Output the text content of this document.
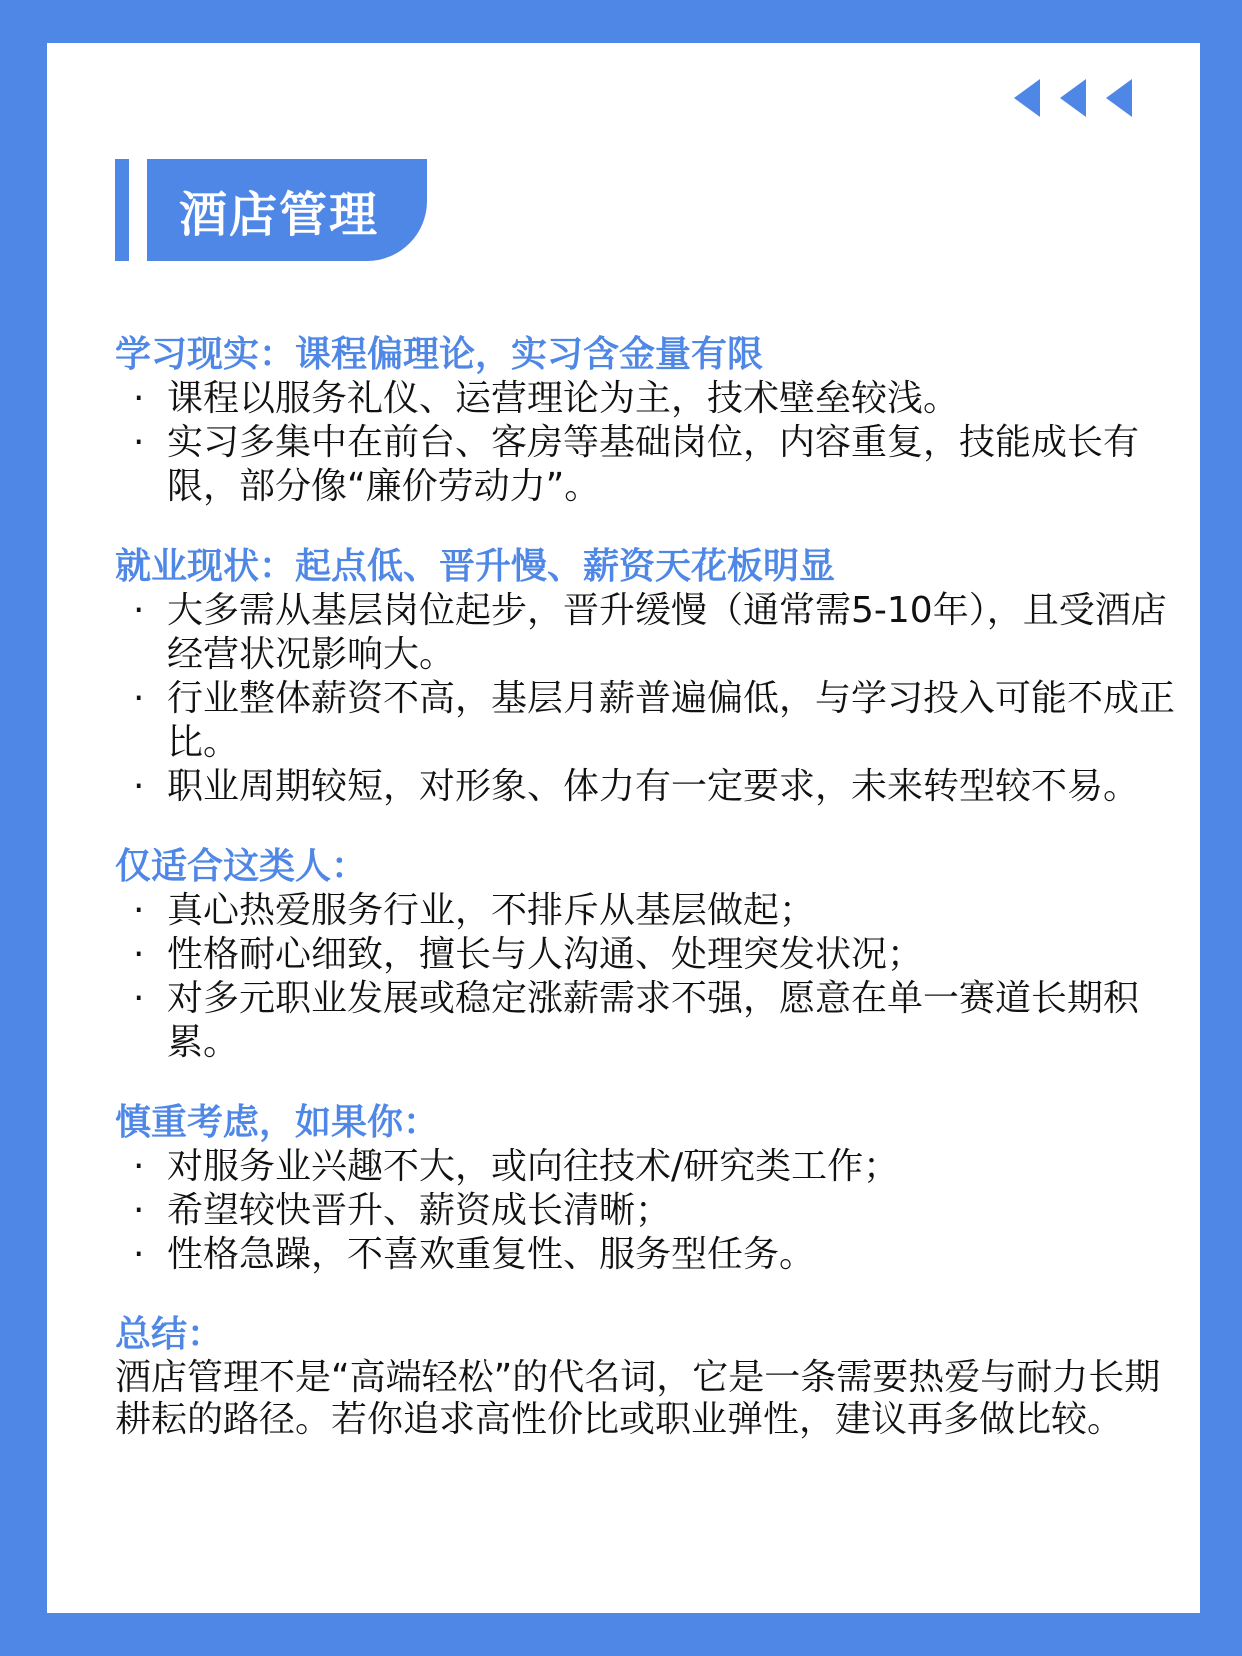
酒店管理
学习现实：课程偏理论，实习含金量有限
· 课程以服务礼仪、运营理论为主，技术壁垒较浅。
· 实习多集中在前台、客房等基础岗位，内容重复，技能成长有限，部分像“廉价劳动力”。
就业现状：起点低、晋升慢、薪资天花板明显
· 大多需从基层岗位起步，晋升缓慢（通常需5-10年），且受酒店经营状况影响大。
· 行业整体薪资不高，基层月薪普遍偏低，与学习投入可能不成正比。
· 职业周期较短，对形象、体力有一定要求，未来转型较不易。
仅适合这类人：
· 真心热爱服务行业，不排斥从基层做起；
· 性格耐心细致，擅长与人沟通、处理突发状况；
· 对多元职业发展或稳定涨薪需求不强，愿意在单一赛道长期积累。
慎重考虑，如果你：
· 对服务业兴趣不大，或向往技术/研究类工作；
· 希望较快晋升、薪资成长清晰；
· 性格急躁，不喜欢重复性、服务型任务。
总结：
酒店管理不是“高端轻松”的代名词，它是一条需要热爱与耐力长期耕耘的路径。若你追求高性价比或职业弹性，建议再多做比较。
